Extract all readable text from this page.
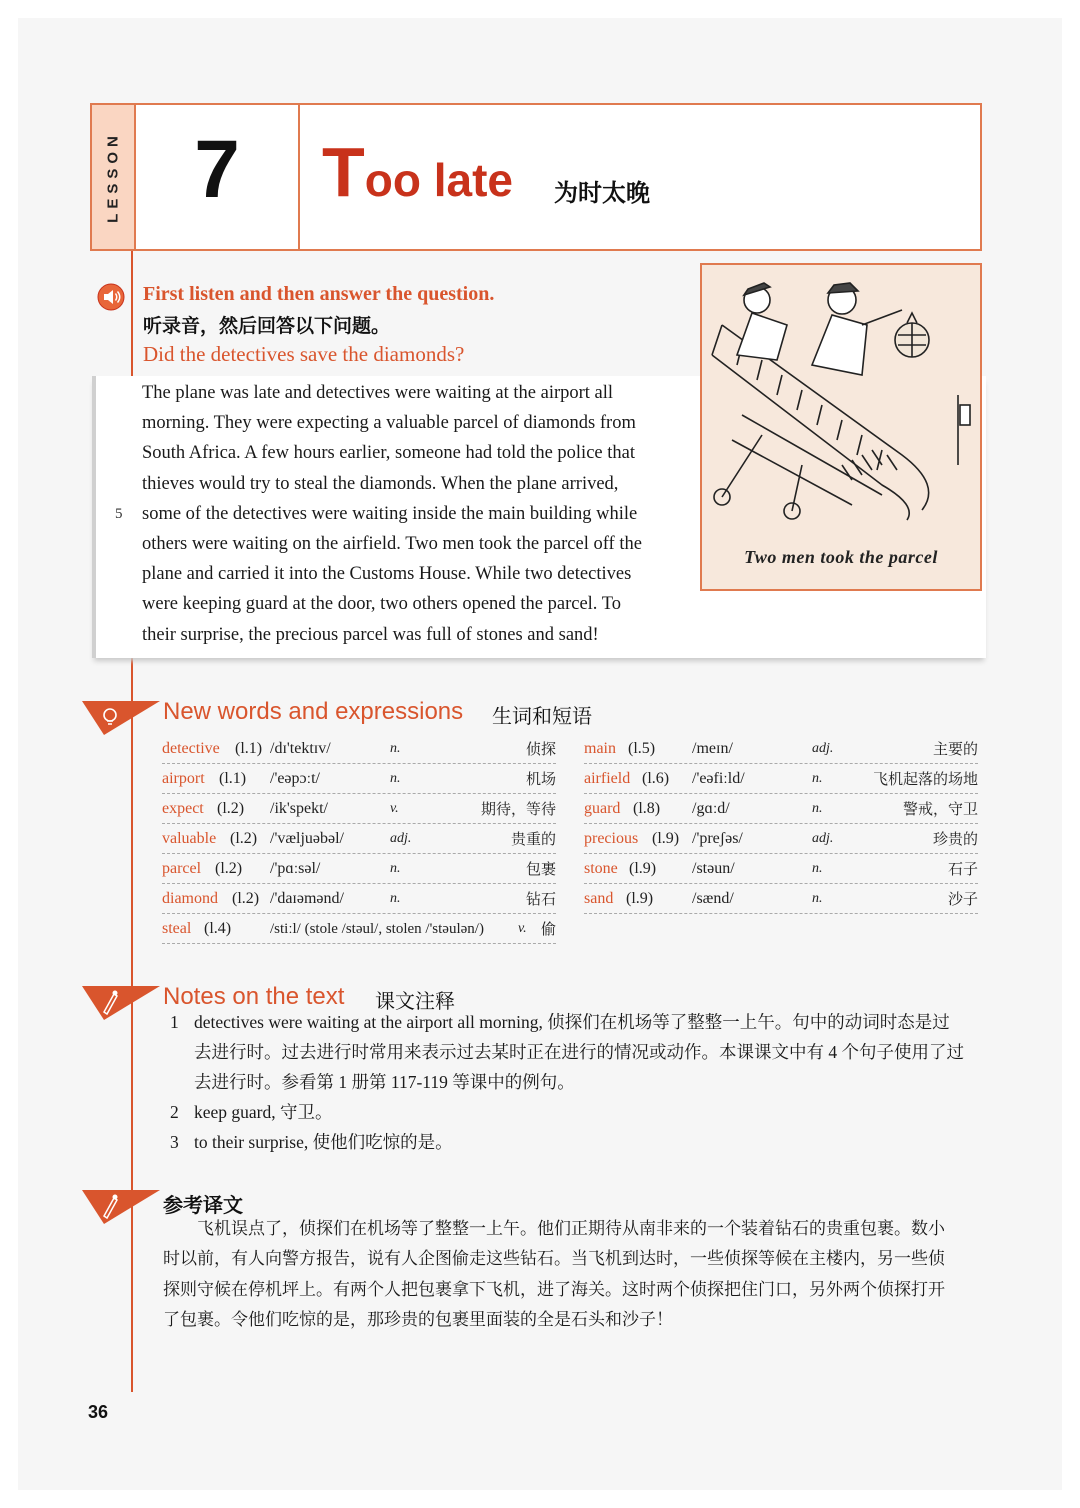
LESSON 7	Too late 为时太晚
First listen and then answer the question.
听录音，然后回答以下问题。
Did the detectives save the diamonds?

The plane was late and detectives were waiting at the airport all

morning. They were expecting a valuable parcel of diamonds from

South Africa. A few hours earlier, someone had told the police that

thieves would try to steal the diamonds. When the plane arrived,

some of the detectives were waiting inside the main building while

others were waiting on the airfield. Two men took the parcel off the

plane and carried it into the Customs House. While two detectives

were keeping guard at the door, two others opened the parcel. To

their surprise, the precious parcel was full of stones and sand!

5
Two men took the parcel
New words and expressions 生词和短语
detective (l.1) /dɪ'tektɪv/	n.	侦探
airport (l.1) /'eəpɔːt/	n.	机场
expect (l.2) /ik'spekt/	v.	期待，等待
valuable (l.2) /'væljuəbəl/	adj.	贵重的
parcel (l.2) /'pɑːsəl/	n.	包裹
diamond (l.2) /'daɪəmənd/	n.	钻石
steal (l.4)	/stiːl/ (stole /stəul/, stolen /'stəulən/) v. 偷
main (l.5) /meɪn/	adj.	主要的
airfield (l.6) /'eəfiːld/	n.	飞机起落的场地
guard (l.8) /gɑːd/	n.	警戒，守卫
precious (l.9) /'preʃəs/	adj.	珍贵的
stone (l.9) /stəun/	n.	石子
sand (l.9) /sænd/	n.	沙子
Notes on the text 课文注释
1 detectives were waiting at the airport all morning, 侦探们在机场等了整整一上午。句中的动词时态是过
去进行时。过去进行时常用来表示过去某时正在进行的情况或动作。本课课文中有 4 个句子使用了过
去进行时。参看第 1 册第 117-119 等课中的例句。
2 keep guard, 守卫。
3 to their surprise, 使他们吃惊的是。
参考译文
　　飞机误点了，侦探们在机场等了整整一上午。他们正期待从南非来的一个装着钻石的贵重包裹。数小
时以前，有人向警方报告，说有人企图偷走这些钻石。当飞机到达时，一些侦探等候在主楼内，另一些侦
探则守候在停机坪上。有两个人把包裹拿下飞机，进了海关。这时两个侦探把住门口，另外两个侦探打开
了包裹。令他们吃惊的是，那珍贵的包裹里面装的全是石头和沙子！
36
